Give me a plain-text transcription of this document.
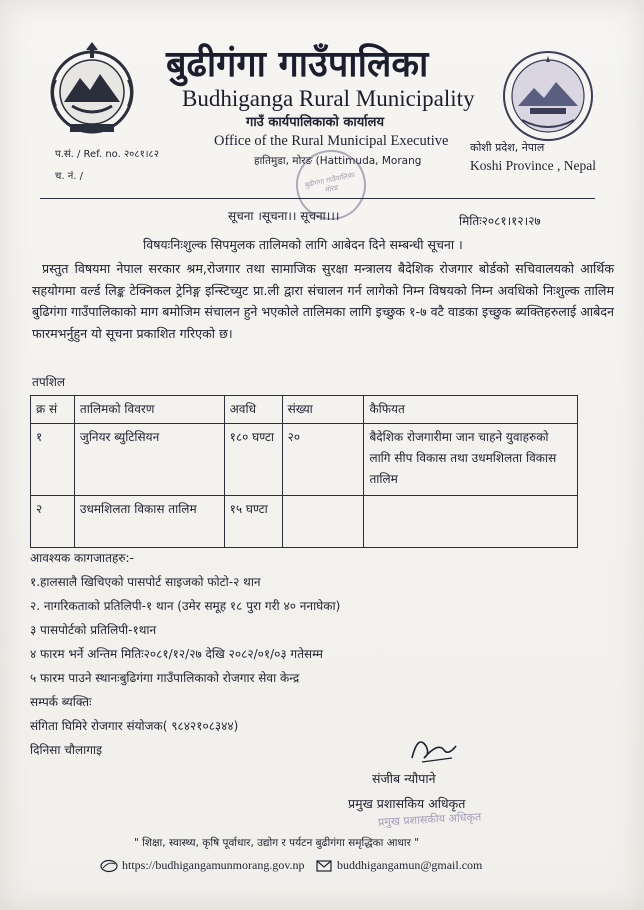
बुढीगंगा गाउँपालिका
Budhiganga Rural Municipality
गाउँ कार्यपालिकाको कार्यालय
Office of the Rural Municipal Executive
हातिमुडा, मोरङ (Hattimuda, Morang
प.सं. / Ref. no. २०८१।८२
च. नं. /
कोशी प्रदेश, नेपाल
Koshi Province , Nepal
बुढीगंगा गाउँपालिका मोरङ
सूचना ।सूचना।। सूचना।।।	मितिः२०८१।१२।२७
विषयःनिःशुल्क सिपमुलक तालिमको लागि आबेदन दिने सम्बन्धी सूचना ।
प्रस्तुत विषयमा नेपाल सरकार श्रम,रोजगार तथा सामाजिक सुरक्षा मन्त्रालय बैदेशिक रोजगार बोर्डको सचिवालयको आर्थिक सहयोगमा वर्ल्ड लिङ्क टेक्निकल ट्रेनिङ्ग इन्स्टिच्युट प्रा.ली द्वारा संचालन गर्न लागेको निम्न विषयको निम्न अवधिको निःशुल्क तालिम बुढिगंगा गाउँपालिकाको माग बमोजिम संचालन हुने भएकोले तालिमका लागि इच्छुक १-७ वटै वाडका इच्छुक ब्यक्तिहरुलाई आबेदन फारमभर्नुहुन यो सूचना प्रकाशित गरिएको छ।
तपशिल
क्र सं	तालिमको विवरण	अवधि	संख्या	कैफियत
१	जुनियर ब्युटिसियन	१८० घण्टा	२०	बैदेशिक रोजगारीमा जान चाहने युवाहरुको लागि सीप विकास तथा उधमशिलता विकास तालिम
२	उधमशिलता विकास तालिम	१५ घण्टा		
आवश्यक कागजातहरु:-
१.हालसालै खिचिएको पासपोर्ट साइजको फोटो-२ थान
२. नागरिकताको प्रतिलिपी-१ थान (उमेर समूह १८ पुरा गरी ४० ननाघेका)
३ पासपोर्टको प्रतिलिपी-१थान
४ फारम भर्ने अन्तिम मितिः२०८१/१२/२७ देखि २०८२/०१/०३ गतेसम्म
५ फारम पाउने स्थानःबुढिगंगा गाउँपालिकाको रोजगार सेवा केन्द्र
सम्पर्क ब्यक्तिः
संगिता घिमिरे रोजगार संयोजक( ९८४२१०८३४४)
दिनिसा चौलागाइ
संजीब न्यौपाने
प्रमुख प्रशासकिय अधिकृत
प्रमुख प्रशासकीय अधिकृत
" शिक्षा, स्वास्थ्य, कृषि पूर्वाधार, उद्योग र पर्यटन बुढीगंगा समृद्धिका आधार "
https://budhigangamunmorang.gov.np	buddhigangamun@gmail.com
